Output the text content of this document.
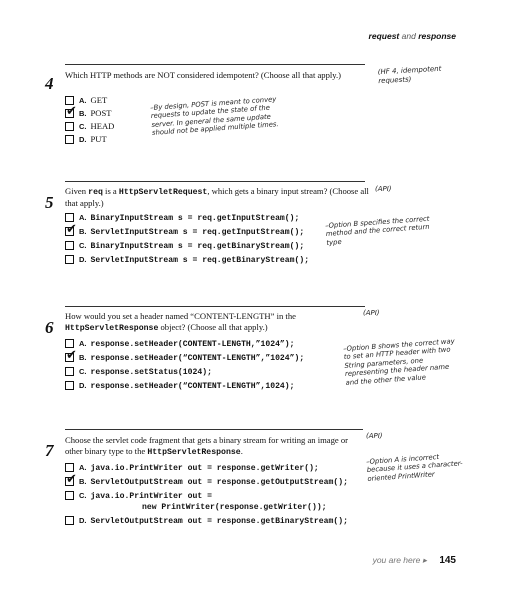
request and response
4 Which HTTP methods are NOT considered idempotent? (Choose all that apply.)	(HF 4, idempotent requests)
A. GET
✔ B. POST
C. HEAD
D. PUT
–By design, POST is meant to convey requests to update the state of the server. In general the same update should not be applied multiple times.
5
Given req is a HttpServletRequest, which gets a binary input stream? (Choose all that apply.)
(API)
A. BinaryInputStream s = req.getInputStream();
✔ B. ServletInputStream s = req.getInputStream();
C. BinaryInputStream s = req.getBinaryStream();
D. ServletInputStream s = req.getBinaryStream();
–Option B specifies the correct method and the correct return type
6
How would you set a header named “CONTENT-LENGTH” in the HttpServletResponse object? (Choose all that apply.)
(API)
A. response.setHeader(CONTENT-LENGTH,”1024”);
✔ B. response.setHeader(“CONTENT-LENGTH”,”1024”);
C. response.setStatus(1024);
D. response.setHeader(“CONTENT-LENGTH”,1024);
–Option B shows the correct way to set an HTTP header with two String parameters, one representing the header name and the other the value
7
Choose the servlet code fragment that gets a binary stream for writing an image or other binary type to the HttpServletResponse.
(API)
A. java.io.PrintWriter out = response.getWriter();
✔ B. ServletOutputStream out = response.getOutputStream();
C. java.io.PrintWriter out =
new PrintWriter(response.getWriter());
D. ServletOutputStream out = response.getBinaryStream();
–Option A is incorrect because it uses a character-oriented PrintWriter
you are here ▸ 145
